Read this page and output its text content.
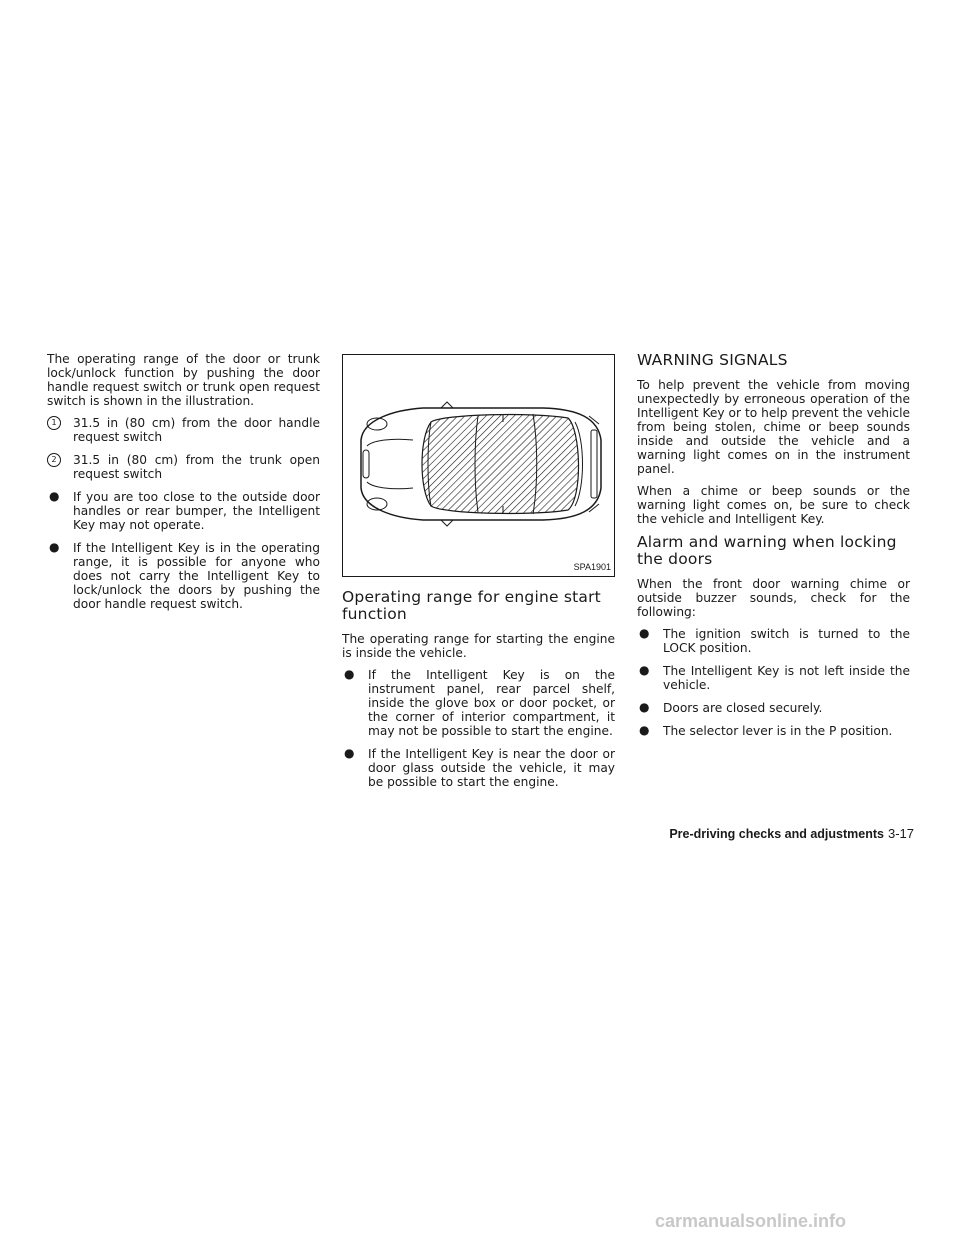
The operating range of the door or trunk lock/unlock function by pushing the door handle request switch or trunk open request switch is shown in the illustration.

1	31.5 in (80 cm) from the door handle request switch
2	31.5 in (80 cm) from the trunk open request switch
● If you are too close to the outside door handles or rear bumper, the Intelligent Key may not operate.
● If the Intelligent Key is in the operating range, it is possible for anyone who does not carry the Intelligent Key to lock/unlock the doors by pushing the door handle request switch.
SPA1901
Operating range for engine start function

The operating range for starting the engine is inside the vehicle.

● If the Intelligent Key is on the instrument panel, rear parcel shelf, inside the glove box or door pocket, or the corner of interior compartment, it may not be possible to start the engine.
● If the Intelligent Key is near the door or door glass outside the vehicle, it may be possible to start the engine.
WARNING SIGNALS

To help prevent the vehicle from moving unexpectedly by erroneous operation of the Intelligent Key or to help prevent the vehicle from being stolen, chime or beep sounds inside and outside the vehicle and a warning light comes on in the instrument panel.

When a chime or beep sounds or the warning light comes on, be sure to check the vehicle and Intelligent Key.

Alarm and warning when locking the doors

When the front door warning chime or outside buzzer sounds, check for the following:

● The ignition switch is turned to the LOCK position.
● The Intelligent Key is not left inside the vehicle.
● Doors are closed securely.
● The selector lever is in the P position.
Pre-driving checks and adjustments 3-17
carmanualsonline.info
